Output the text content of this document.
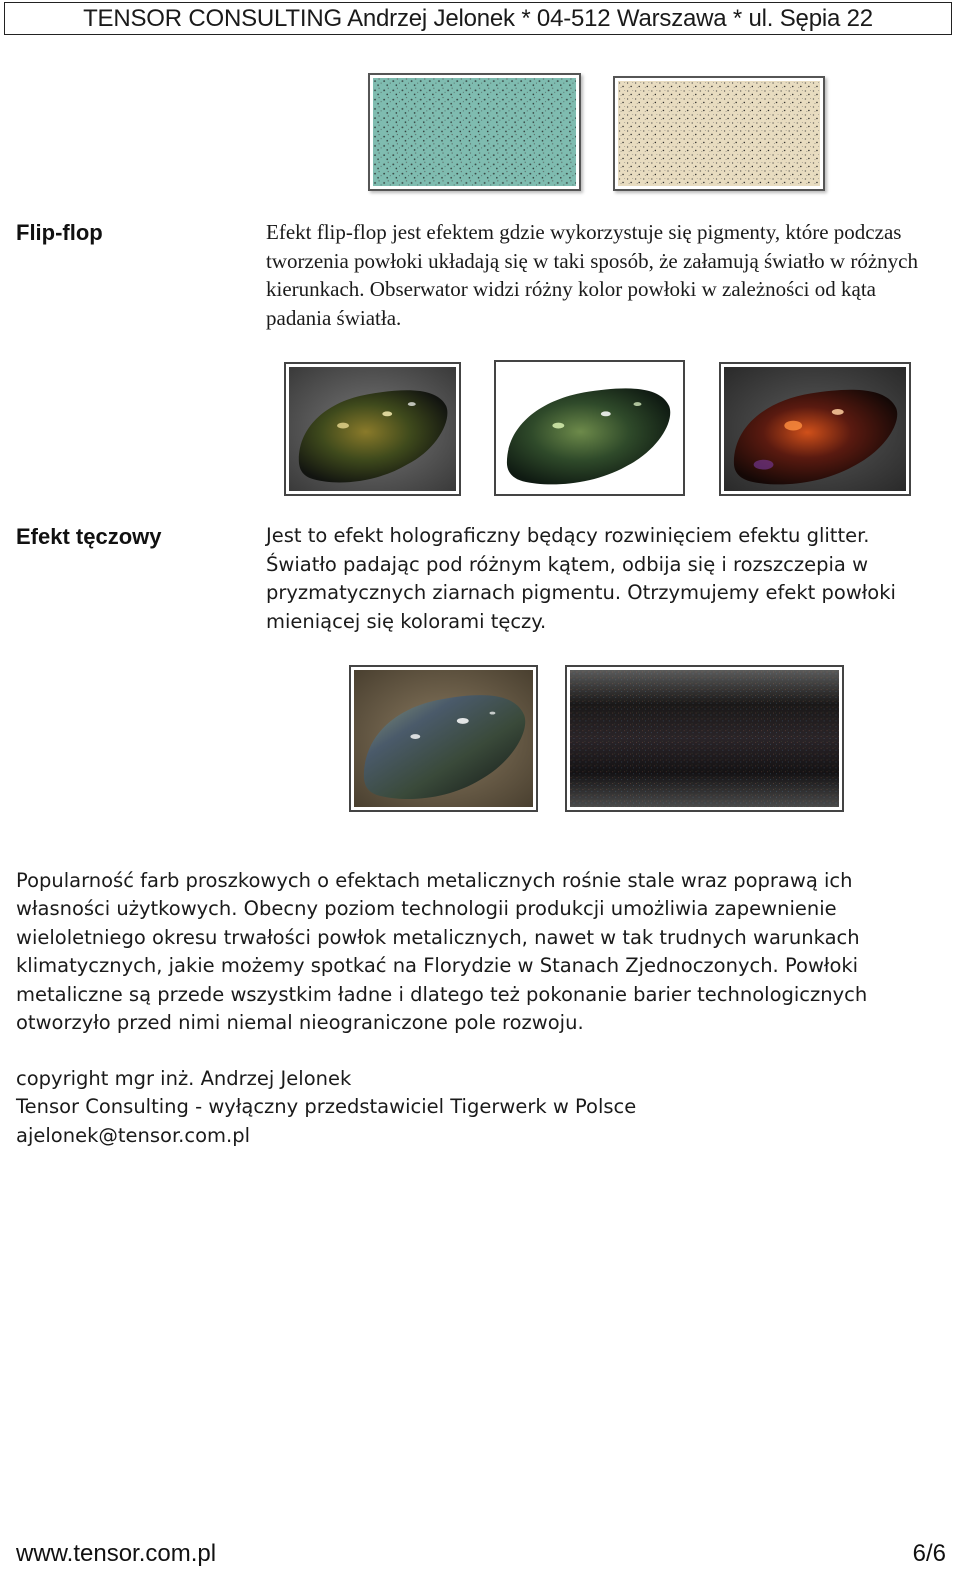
TENSOR CONSULTING Andrzej Jelonek * 04-512 Warszawa * ul. Sępia 22
Flip-flop	Efekt flip-flop jest efektem gdzie wykorzystuje się pigmenty, które podczas tworzenia powłoki układają się w taki sposób, że załamują światło w różnych kierunkach. Obserwator widzi różny kolor powłoki w zależności od kąta padania światła.
Efekt tęczowy	Jest to efekt holograficzny będący rozwinięciem efektu glitter. Światło padając pod różnym kątem, odbija się i rozszczepia w pryzmatycznych ziarnach pigmentu. Otrzymujemy efekt powłoki mieniącej się kolorami tęczy.
Popularność farb proszkowych o efektach metalicznych rośnie stale wraz poprawą ich własności użytkowych. Obecny poziom technologii produkcji umożliwia zapewnienie wieloletniego okresu trwałości powłok metalicznych, nawet w tak trudnych warunkach klimatycznych, jakie możemy spotkać na Florydzie w Stanach Zjednoczonych. Powłoki metaliczne są przede wszystkim ładne i dlatego też pokonanie barier technologicznych otworzyło przed nimi niemal nieograniczone pole rozwoju.
copyright mgr inż. Andrzej Jelonek
Tensor Consulting - wyłączny przedstawiciel Tigerwerk w Polsce
ajelonek@tensor.com.pl
www.tensor.com.pl	6/6
